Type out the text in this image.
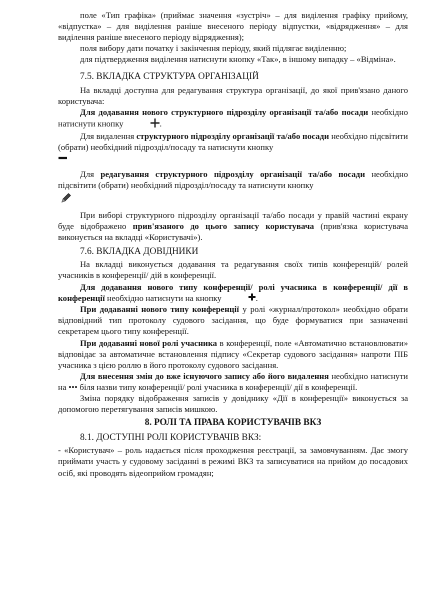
поле «Тип графіка» (приймає значення «зустріч» – для виділення графіку прийому, «відпустка» – для виділення раніше внесеного періоду відпустки, «відрядження» – для виділення раніше внесеного періоду відрядження);

поля вибору дати початку і закінчення періоду, який підлягає виділенню;

для підтвердження виділення натиснути кнопку «Так», в іншому випадку – «Відміна».

7.5. ВКЛАДКА СТРУКТУРА ОРГАНІЗАЦІЙ

На вкладці доступна для редагування структура організації, до якої прив'язано даного користувача:

Для додавання нового структурного підрозділу організації та/або посади необхідно натиснути кнопку	.

Для видалення структурного підрозділу організації та/або посади необхідно підсвітити (обрати) необхідний підрозділ/посаду та натиснути кнопку

Для редагування структурного підрозділу організації та/або посади необхідно підсвітити (обрати) необхідний підрозділ/посаду та натиснути кнопку

При виборі структурного підрозділу організації та/або посади у правій частині екрану буде відображено прив'язаного до цього запису користувача (прив'язка користувача виконується на вкладці «Користувачі»).

7.6. ВКЛАДКА ДОВІДНИКИ

На вкладці виконується додавання та редагування своїх типів конференцій/ ролей учасників в конференції/ дій в конференції.

Для додавання нового типу конференції/ ролі учасника в конференції/ дії в конференції необхідно натиснути на кнопку	.

При додаванні нового типу конференції у ролі «журнал/протокол» необхідно обрати відповідний тип протоколу судового засідання, що буде формуватися при зазначенні секретарем цього типу конференції.

При додаванні нової ролі учасника в конференції, поле «Автоматично встановлювати» відповідає за автоматичне встановлення підпису «Секретар судового засідання» напроти ПІБ учасника з цією роллю в його протоколу судового засідання.

Для внесення змін до вже існуючого запису або його видалення необхідно натиснути на ••• біля назви типу конференції/ ролі учасника в конференції/ дії в конференції.

Зміна порядку відображення записів у довіднику «Дії в конференції» виконується за допомогою перетягування записів мишкою.

8. РОЛІ ТА ПРАВА КОРИСТУВАЧІВ ВКЗ

8.1. ДОСТУПНІ РОЛІ КОРИСТУВАЧІВ ВКЗ:

- «Користувач» – роль надається після проходження реєстрації, за замовчуванням. Дає змогу приймати участь у судовому засіданні в режимі ВКЗ та записуватися на прийом до посадових осіб, які проводять відеоприйом громадян;
